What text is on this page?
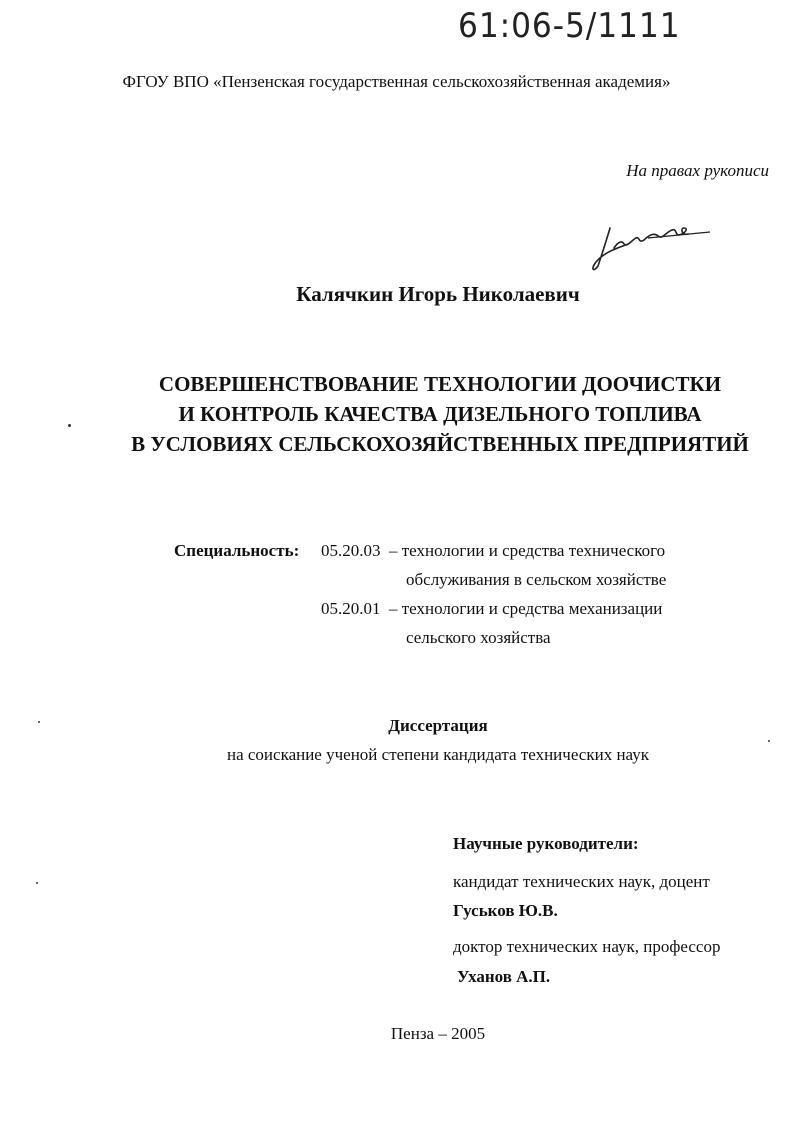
61:06-5/1111
ФГОУ ВПО «Пензенская государственная сельскохозяйственная академия»
На правах рукописи
Калячкин Игорь Николаевич
СОВЕРШЕНСТВОВАНИЕ ТЕХНОЛОГИИ ДООЧИСТКИ
И КОНТРОЛЬ КАЧЕСТВА ДИЗЕЛЬНОГО ТОПЛИВА
В УСЛОВИЯХ СЕЛЬСКОХОЗЯЙСТВЕННЫХ ПРЕДПРИЯТИЙ
Специальность: 05.20.03 – технологии и средства технического
обслуживания в сельском хозяйстве
05.20.01 – технологии и средства механизации
сельского хозяйства
Диссертация
на соискание ученой степени кандидата технических наук
Научные руководители:
кандидат технических наук, доцент
Гуськов Ю.В.
доктор технических наук, профессор
Уханов А.П.
Пенза – 2005
